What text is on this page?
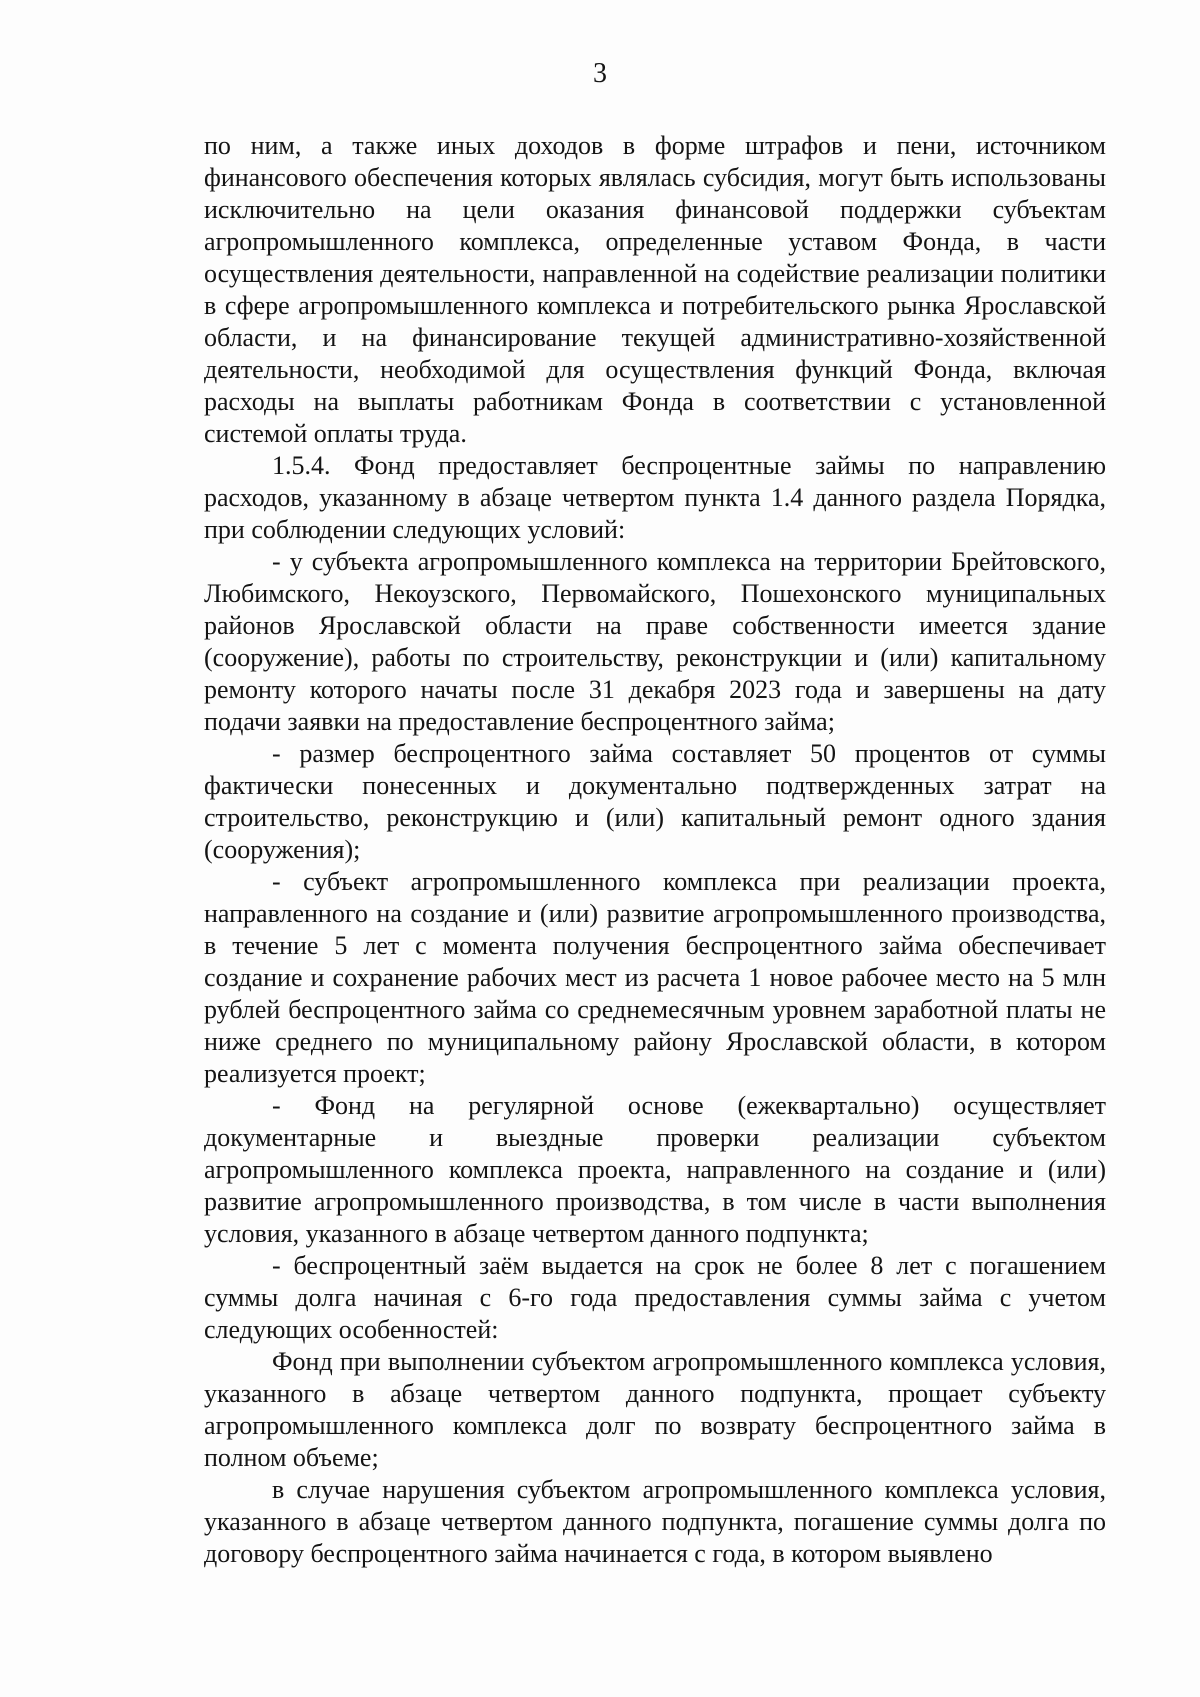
3

по ним, а также иных доходов в форме штрафов и пени, источником финансового обеспечения которых являлась субсидия, могут быть использованы исключительно на цели оказания финансовой поддержки субъектам агропромышленного комплекса, определенные уставом Фонда, в части осуществления деятельности, направленной на содействие реализации политики в сфере агропромышленного комплекса и потребительского рынка Ярославской области, и на финансирование текущей административно-хозяйственной деятельности, необходимой для осуществления функций Фонда, включая расходы на выплаты работникам Фонда в соответствии с установленной системой оплаты труда.

1.5.4. Фонд предоставляет беспроцентные займы по направлению расходов, указанному в абзаце четвертом пункта 1.4 данного раздела Порядка, при соблюдении следующих условий:

- у субъекта агропромышленного комплекса на территории Брейтовского, Любимского, Некоузского, Первомайского, Пошехонского муниципальных районов Ярославской области на праве собственности имеется здание (сооружение), работы по строительству, реконструкции и (или) капитальному ремонту которого начаты после 31 декабря 2023 года и завершены на дату подачи заявки на предоставление беспроцентного займа;

- размер беспроцентного займа составляет 50 процентов от суммы фактически понесенных и документально подтвержденных затрат на строительство, реконструкцию и (или) капитальный ремонт одного здания (сооружения);

- субъект агропромышленного комплекса при реализации проекта, направленного на создание и (или) развитие агропромышленного производства, в течение 5 лет с момента получения беспроцентного займа обеспечивает создание и сохранение рабочих мест из расчета 1 новое рабочее место на 5 млн рублей беспроцентного займа со среднемесячным уровнем заработной платы не ниже среднего по муниципальному району Ярославской области, в котором реализуется проект;

- Фонд на регулярной основе (ежеквартально) осуществляет документарные и выездные проверки реализации субъектом агропромышленного комплекса проекта, направленного на создание и (или) развитие агропромышленного производства, в том числе в части выполнения условия, указанного в абзаце четвертом данного подпункта;

- беспроцентный заём выдается на срок не более 8 лет с погашением суммы долга начиная с 6-го года предоставления суммы займа с учетом следующих особенностей:

Фонд при выполнении субъектом агропромышленного комплекса условия, указанного в абзаце четвертом данного подпункта, прощает субъекту агропромышленного комплекса долг по возврату беспроцентного займа в полном объеме;

в случае нарушения субъектом агропромышленного комплекса условия, указанного в абзаце четвертом данного подпункта, погашение суммы долга по договору беспроцентного займа начинается с года, в котором выявлено
